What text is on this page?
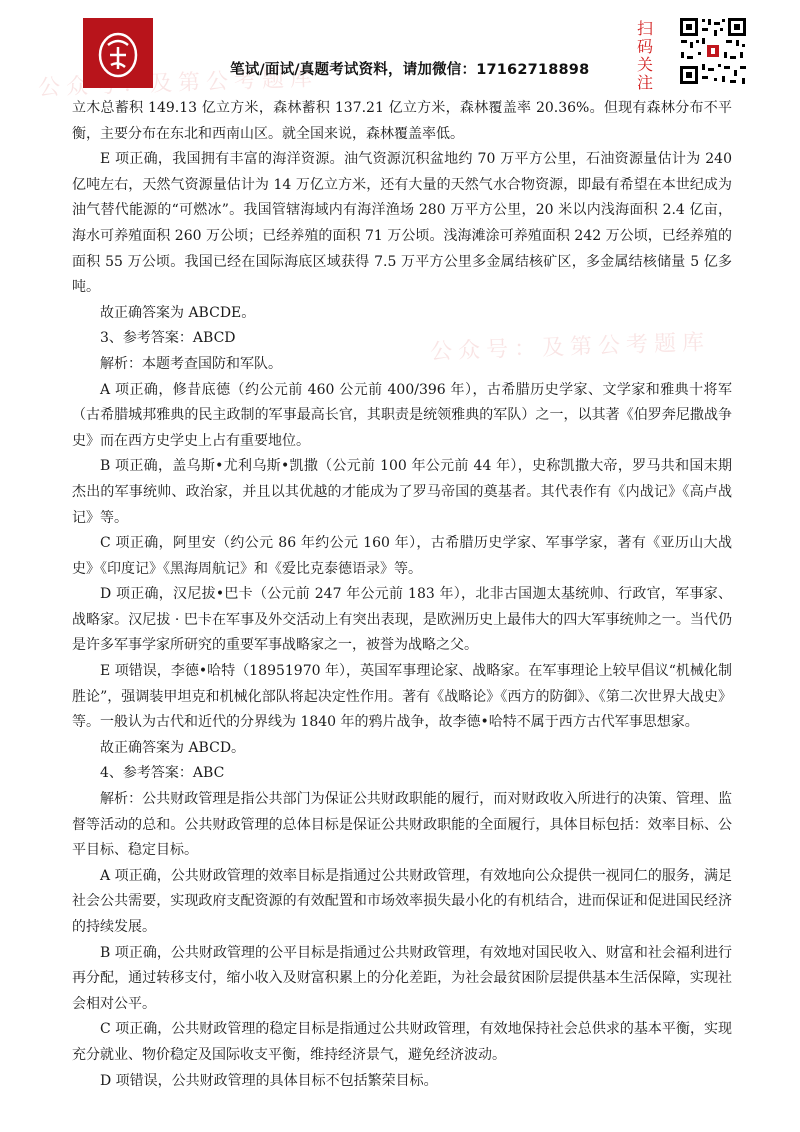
公众号：及第公考题库
公众号：及第公考题库
笔试/面试/真题考试资料，请加微信：17162718898
扫码关注

立木总蓄积 149.13 亿立方米，森林蓄积 137.21 亿立方米，森林覆盖率 20.36%。但现有森林分布不平衡，主要分布在东北和西南山区。就全国来说，森林覆盖率低。

E 项正确，我国拥有丰富的海洋资源。油气资源沉积盆地约 70 万平方公里，石油资源量估计为 240 亿吨左右，天然气资源量估计为 14 万亿立方米，还有大量的天然气水合物资源，即最有希望在本世纪成为油气替代能源的“可燃冰”。我国管辖海域内有海洋渔场 280 万平方公里，20 米以内浅海面积 2.4 亿亩，海水可养殖面积 260 万公顷；已经养殖的面积 71 万公顷。浅海滩涂可养殖面积 242 万公顷，已经养殖的面积 55 万公顷。我国已经在国际海底区域获得 7.5 万平方公里多金属结核矿区，多金属结核储量 5 亿多吨。

故正确答案为 ABCDE。

3、参考答案：ABCD

解析：本题考查国防和军队。

A 项正确，修昔底德（约公元前 460 公元前 400/396 年），古希腊历史学家、文学家和雅典十将军（古希腊城邦雅典的民主政制的军事最高长官，其职责是统领雅典的军队）之一，以其著《伯罗奔尼撒战争史》而在西方史学史上占有重要地位。

B 项正确，盖乌斯•尤利乌斯•凯撒（公元前 100 年公元前 44 年），史称凯撒大帝，罗马共和国末期杰出的军事统帅、政治家，并且以其优越的才能成为了罗马帝国的奠基者。其代表作有《内战记》《高卢战记》等。

C 项正确，阿里安（约公元 86 年约公元 160 年），古希腊历史学家、军事学家，著有《亚历山大战史》《印度记》《黑海周航记》和《爱比克泰德语录》等。

D 项正确，汉尼拔•巴卡（公元前 247 年公元前 183 年），北非古国迦太基统帅、行政官，军事家、战略家。汉尼拔 · 巴卡在军事及外交活动上有突出表现，是欧洲历史上最伟大的四大军事统帅之一。当代仍是许多军事学家所研究的重要军事战略家之一，被誉为战略之父。

E 项错误，李德•哈特（18951970 年），英国军事理论家、战略家。在军事理论上较早倡议“机械化制胜论”，强调装甲坦克和机械化部队将起决定性作用。著有《战略论》《西方的防御》、《第二次世界大战史》等。一般认为古代和近代的分界线为 1840 年的鸦片战争，故李德•哈特不属于西方古代军事思想家。

故正确答案为 ABCD。

4、参考答案：ABC

解析：公共财政管理是指公共部门为保证公共财政职能的履行，而对财政收入所进行的决策、管理、监督等活动的总和。公共财政管理的总体目标是保证公共财政职能的全面履行，具体目标包括：效率目标、公平目标、稳定目标。

A 项正确，公共财政管理的效率目标是指通过公共财政管理，有效地向公众提供一视同仁的服务，满足社会公共需要，实现政府支配资源的有效配置和市场效率损失最小化的有机结合，进而保证和促进国民经济的持续发展。

B 项正确，公共财政管理的公平目标是指通过公共财政管理，有效地对国民收入、财富和社会福利进行再分配，通过转移支付，缩小收入及财富积累上的分化差距，为社会最贫困阶层提供基本生活保障，实现社会相对公平。

C 项正确，公共财政管理的稳定目标是指通过公共财政管理，有效地保持社会总供求的基本平衡，实现充分就业、物价稳定及国际收支平衡，维持经济景气，避免经济波动。

D 项错误，公共财政管理的具体目标不包括繁荣目标。
